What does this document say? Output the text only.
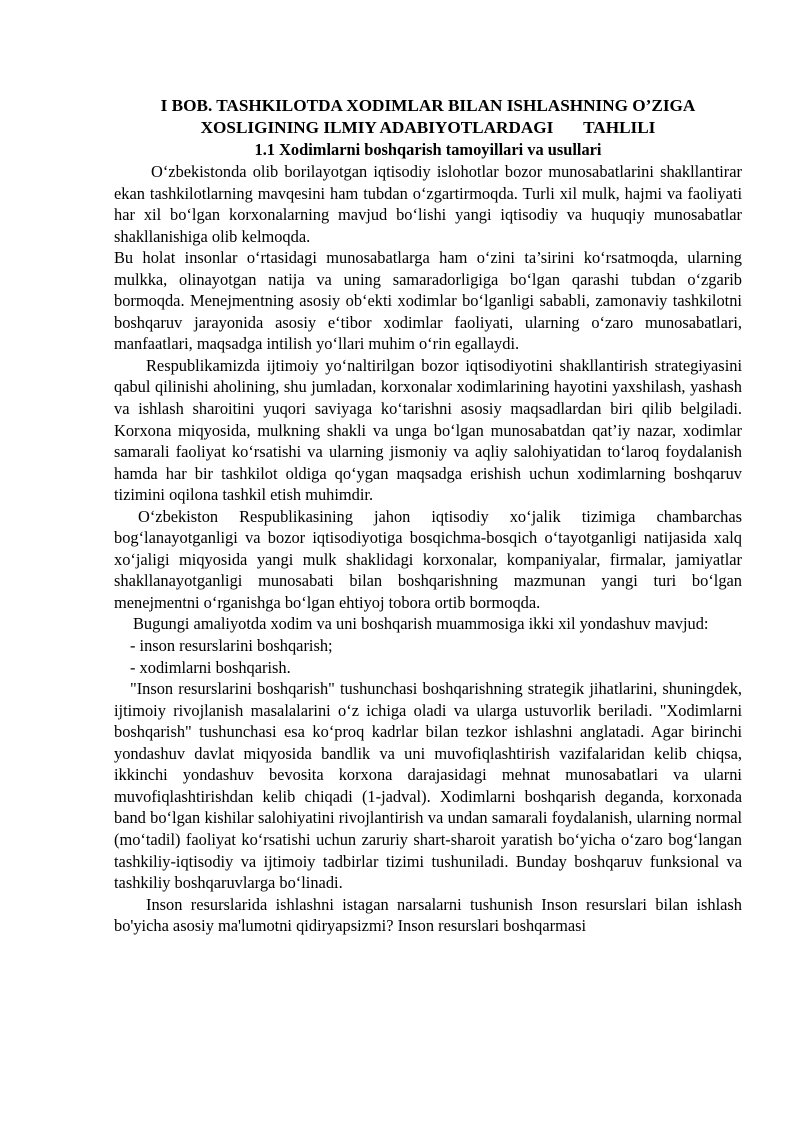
I BOB. TASHKILOTDA XODIMLAR BILAN ISHLASHNING O’ZIGA
XOSLIGINING ILMIY ADABIYOTLARDAGI       TAHLILI
1.1 Xodimlarni boshqarish tamoyillari va usullari

O‘zbekistonda olib borilayotgan iqtisodiy islohotlar bozor munosabatlarini shakllantirar ekan tashkilotlarning mavqesini ham tubdan o‘zgartirmoqda. Turli xil mulk, hajmi va faoliyati har xil bo‘lgan korxonalarning mavjud bo‘lishi yangi iqtisodiy va huquqiy munosabatlar shakllanishiga olib kelmoqda.

Bu holat insonlar o‘rtasidagi munosabatlarga ham o‘zini ta’sirini ko‘rsatmoqda, ularning mulkka, olinayotgan natija va uning samaradorligiga bo‘lgan qarashi tubdan o‘zgarib bormoqda. Menejmentning asosiy ob‘ekti xodimlar bo‘lganligi sababli, zamonaviy tashkilotni boshqaruv jarayonida asosiy e‘tibor xodimlar faoliyati, ularning o‘zaro munosabatlari, manfaatlari, maqsadga intilish yo‘llari muhim o‘rin egallaydi.

Respublikamizda ijtimoiy yo‘naltirilgan bozor iqtisodiyotini shakllantirish strategiyasini qabul qilinishi aholining, shu jumladan, korxonalar xodimlarining hayotini yaxshilash, yashash va ishlash sharoitini yuqori saviyaga ko‘tarishni asosiy maqsadlardan biri qilib belgiladi. Korxona miqyosida, mulkning shakli va unga bo‘lgan munosabatdan qat’iy nazar, xodimlar samarali faoliyat ko‘rsatishi va ularning jismoniy va aqliy salohiyatidan to‘laroq foydalanish hamda har bir tashkilot oldiga qo‘ygan maqsadga erishish uchun xodimlarning boshqaruv tizimini oqilona tashkil etish muhimdir.

O‘zbekiston Respublikasining jahon iqtisodiy xo‘jalik tizimiga chambarchas bog‘lanayotganligi va bozor iqtisodiyotiga bosqichma-bosqich o‘tayotganligi natijasida xalq xo‘jaligi miqyosida yangi mulk shaklidagi korxonalar, kompaniyalar, firmalar, jamiyatlar shakllanayotganligi munosabati bilan boshqarishning mazmunan yangi turi bo‘lgan menejmentni o‘rganishga bo‘lgan ehtiyoj tobora ortib bormoqda.

Bugungi amaliyotda xodim va uni boshqarish muammosiga ikki xil yondashuv mavjud:

- inson resurslarini boshqarish;

- xodimlarni boshqarish.

"Inson resurslarini boshqarish" tushunchasi boshqarishning strategik jihatlarini, shuningdek, ijtimoiy rivojlanish masalalarini o‘z ichiga oladi va ularga ustuvorlik beriladi. "Xodimlarni boshqarish" tushunchasi esa ko‘proq kadrlar bilan tezkor ishlashni anglatadi. Agar birinchi yondashuv davlat miqyosida bandlik va uni muvofiqlashtirish vazifalaridan kelib chiqsa, ikkinchi yondashuv bevosita korxona darajasidagi mehnat munosabatlari va ularni muvofiqlashtirishdan kelib chiqadi (1-jadval). Xodimlarni boshqarish deganda, korxonada band bo‘lgan kishilar salohiyatini rivojlantirish va undan samarali foydalanish, ularning normal (mo‘tadil) faoliyat ko‘rsatishi uchun zaruriy shart-sharoit yaratish bo‘yicha o‘zaro bog‘langan tashkiliy-iqtisodiy va ijtimoiy tadbirlar tizimi tushuniladi. Bunday boshqaruv funksional va tashkiliy boshqaruvlarga bo‘linadi.

Inson resurslarida ishlashni istagan narsalarni tushunish Inson resurslari bilan ishlash bo'yicha asosiy ma'lumotni qidiryapsizmi? Inson resurslari boshqarmasi
